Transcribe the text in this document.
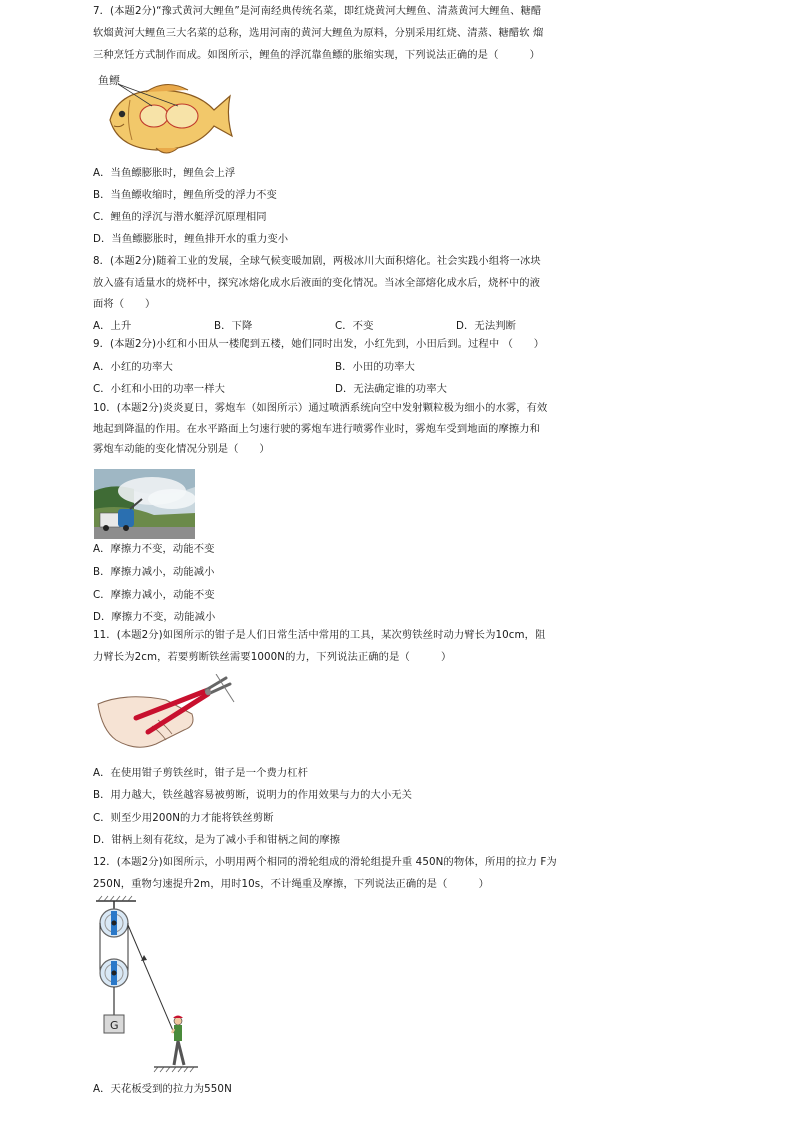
7．(本题2分)“豫式黄河大鲤鱼”是河南经典传统名菜，即红烧黄河大鲤鱼、清蒸黄河大鲤鱼、糖醋
软熘黄河大鲤鱼三大名菜的总称，选用河南的黄河大鲤鱼为原料，分别采用红烧、清蒸、糖醋软 熘
三种烹饪方式制作而成。如图所示，鲤鱼的浮沉靠鱼鳔的胀缩实现，下列说法正确的是（　　　）
鱼鳔
A．当鱼鳔膨胀时，鲤鱼会上浮
B．当鱼鳔收缩时，鲤鱼所受的浮力不变
C．鲤鱼的浮沉与潜水艇浮沉原理相同
D．当鱼鳔膨胀时，鲤鱼排开水的重力变小
8．(本题2分)随着工业的发展，全球气候变暖加剧，两极冰川大面积熔化。社会实践小组将一冰块
放入盛有适量水的烧杯中，探究冰熔化成水后液面的变化情况。当冰全部熔化成水后，烧杯中的液
面将（　　）
A．上升	B．下降	C．不变	D．无法判断
9．(本题2分)小红和小田从一楼爬到五楼，她们同时出发，小红先到，小田后到。过程中 （　　）
A．小红的功率大	B．小田的功率大
C．小红和小田的功率一样大	D．无法确定谁的功率大
10．(本题2分)炎炎夏日，雾炮车（如图所示）通过喷洒系统向空中发射颗粒极为细小的水雾，有效
地起到降温的作用。在水平路面上匀速行驶的雾炮车进行喷雾作业时，雾炮车受到地面的摩擦力和
雾炮车动能的变化情况分别是（　　）
A．摩擦力不变，动能不变
B．摩擦力减小，动能减小
C．摩擦力减小，动能不变
D．摩擦力不变，动能减小
11．(本题2分)如图所示的钳子是人们日常生活中常用的工具，某次剪铁丝时动力臂长为10cm，阻
力臂长为2cm，若要剪断铁丝需要1000N的力，下列说法正确的是（　　　）
A．在使用钳子剪铁丝时，钳子是一个费力杠杆
B．用力越大，铁丝越容易被剪断，说明力的作用效果与力的大小无关
C．则至少用200N的力才能将铁丝剪断
D．钳柄上刻有花纹，是为了减小手和钳柄之间的摩擦
12．(本题2分)如图所示，小明用两个相同的滑轮组成的滑轮组提升重 450N的物体，所用的拉力 F为
250N，重物匀速提升2m，用时10s，不计绳重及摩擦，下列说法正确的是（　　　）
G
A．天花板受到的拉力为550N
